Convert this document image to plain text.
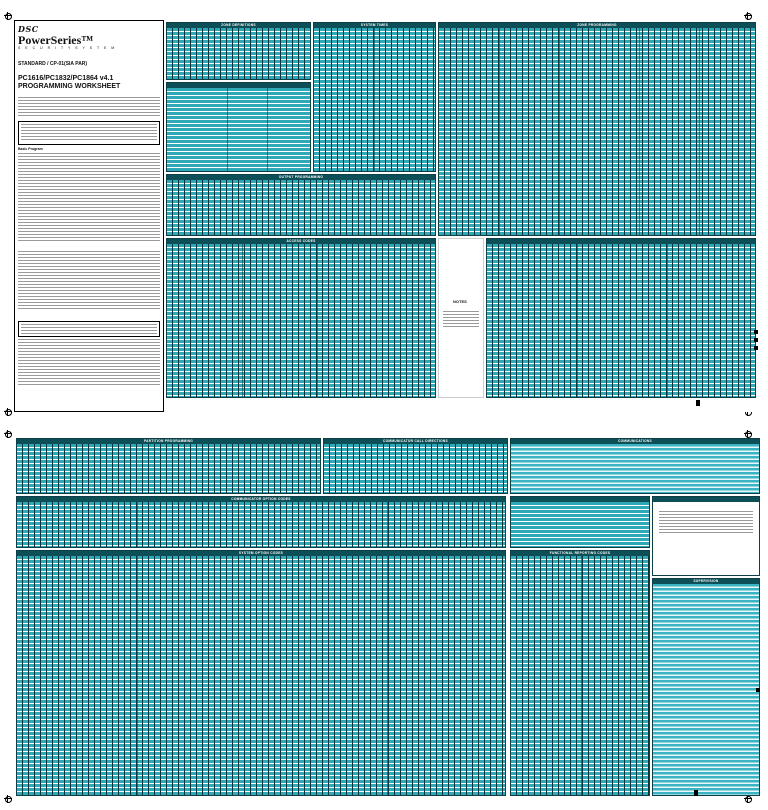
DSC
PowerSeries™
S E C U R I T Y S Y S T E M
STANDARD / CP-01(SIA PAR)
PC1616/PC1832/PC1864 v4.1
PROGRAMMING WORKSHEET
Basic Program
ZONE DEFINITIONS
OUTPUT PROGRAMMING
ACCESS CODES
SYSTEM TIMES
NOTES
ZONE PROGRAMMING
PARTITION PROGRAMMING	COMMUNICATOR CALL DIRECTIONS	COMMUNICATIONS
COMMUNICATOR OPTION CODES
SYSTEM OPTION CODES	FUNCTIONAL REPORTING CODES
SUPERVISION
